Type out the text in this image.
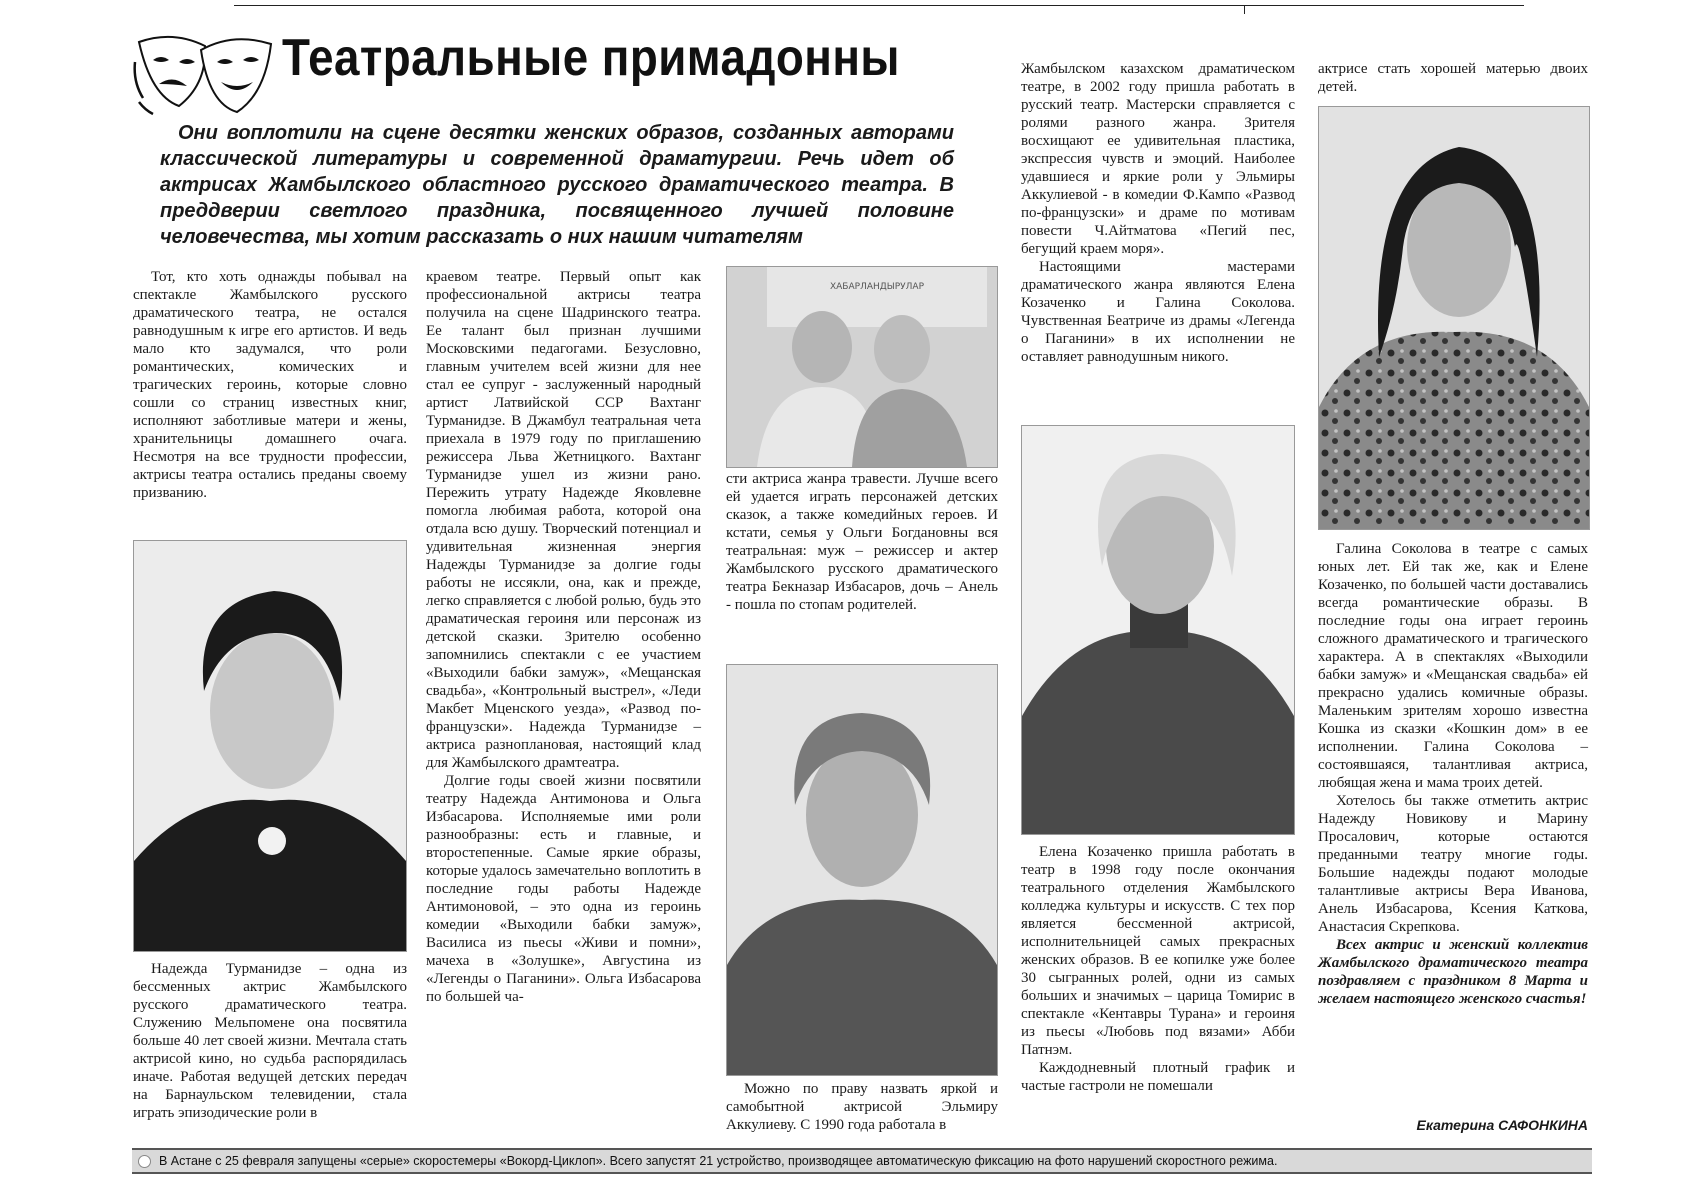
Театральные примадонны

Они воплотили на сцене десятки женских образов, созданных авторами классической литературы и современной драматургии. Речь идет об актрисах Жамбылского областного русского драматического театра. В преддверии светлого праздника, посвященного лучшей половине человечества, мы хотим рассказать о них нашим читателям

Тот, кто хоть однажды побывал на спектакле Жамбылского русского драматического театра, не остался равнодушным к игре его артистов. И ведь мало кто задумался, что роли романтических, комических и трагических героинь, которые словно сошли со страниц известных книг, исполняют заботливые матери и жены, хранительницы домашнего очага. Несмотря на все трудности профессии, актрисы театра остались преданы своему призванию.

Надежда Турманидзе – одна из бессменных актрис Жамбылского русского драматического театра. Служению Мельпомене она посвятила больше 40 лет своей жизни. Мечтала стать актрисой кино, но судьба распорядилась иначе. Работая ведущей детских передач на Барнаульском телевидении, стала играть эпизодические роли в

краевом театре. Первый опыт как профессиональной актрисы театра получила на сцене Шадринского театра. Ее талант был признан лучшими Московскими педагогами. Безусловно, главным учителем всей жизни для нее стал ее супруг - заслуженный народный артист Латвийской ССР Вахтанг Турманидзе. В Джамбул театральная чета приехала в 1979 году по приглашению режиссера Льва Жетницкого. Вахтанг Турманидзе ушел из жизни рано. Пережить утрату Надежде Яковлевне помогла любимая работа, которой она отдала всю душу. Творческий потенциал и удивительная жизненная энергия Надежды Турманидзе за долгие годы работы не иссякли, она, как и прежде, легко справляется с любой ролью, будь это драматическая героиня или персонаж из детской сказки. Зрителю особенно запомнились спектакли с ее участием «Выходили бабки замуж», «Мещанская свадьба», «Контрольный выстрел», «Леди Макбет Мценского уезда», «Развод по-французски». Надежда Турманидзе – актриса разноплановая, настоящий клад для Жамбылского драмтеатра.

Долгие годы своей жизни посвятили театру Надежда Антимонова и Ольга Избасарова. Исполняемые ими роли разнообразны: есть и главные, и второстепенные. Самые яркие образы, которые удалось замечательно воплотить в последние годы работы Надежде Антимоновой, – это одна из героинь комедии «Выходили бабки замуж», Василиса из пьесы «Живи и помни», мачеха в «Золушке», Августина из «Легенды о Паганини». Ольга Избасарова по большей ча-

ХАБАРЛАНДЫРУЛАР

сти актриса жанра травести. Лучше всего ей удается играть персонажей детских сказок, а также комедийных героев. И кстати, семья у Ольги Богдановны вся театральная: муж – режиссер и актер Жамбылского русского драматического театра Бекназар Избасаров, дочь – Анель - пошла по стопам родителей.

Можно по праву назвать яркой и самобытной актрисой Эльмиру Аккулиеву. С 1990 года работала в

Жамбылском казахском драматическом театре, в 2002 году пришла работать в русский театр. Мастерски справляется с ролями разного жанра. Зрителя восхищают ее удивительная пластика, экспрессия чувств и эмоций. Наиболее удавшиеся и яркие роли у Эльмиры Аккулиевой - в комедии Ф.Кампо «Развод по-французски» и драме по мотивам повести Ч.Айтматова «Пегий пес, бегущий краем моря».

Настоящими мастерами драматического жанра являются Елена Козаченко и Галина Соколова. Чувственная Беатриче из драмы «Легенда о Паганини» в их исполнении не оставляет равнодушным никого.

Елена Козаченко пришла работать в театр в 1998 году после окончания театрального отделения Жамбылского колледжа культуры и искусств. С тех пор является бессменной актрисой, исполнительницей самых прекрасных женских образов. В ее копилке уже более 30 сыгранных ролей, одни из самых больших и значимых – царица Томирис в спектакле «Кентавры Турана» и героиня из пьесы «Любовь под вязами» Абби Патнэм.

Каждодневный плотный график и частые гастроли не помешали

актрисе стать хорошей матерью двоих детей.

Галина Соколова в театре с самых юных лет. Ей так же, как и Елене Козаченко, по большей части доставались всегда романтические образы. В последние годы она играет героинь сложного драматического и трагического характера. А в спектаклях «Выходили бабки замуж» и «Мещанская свадьба» ей прекрасно удались комичные образы. Маленьким зрителям хорошо известна Кошка из сказки «Кошкин дом» в ее исполнении. Галина Соколова – состоявшаяся, талантливая актриса, любящая жена и мама троих детей.

Хотелось бы также отметить актрис Надежду Новикову и Марину Просалович, которые остаются преданными театру многие годы. Большие надежды подают молодые талантливые актрисы Вера Иванова, Анель Избасарова, Ксения Каткова, Анастасия Скрепкова.

Всех актрис и женский коллектив Жамбылского драматического театра поздравляем с праздником 8 Марта и желаем настоящего женского счастья!

Екатерина САФОНКИНА
В Астане с 25 февраля запущены «серые» скоростемеры «Вокорд-Циклоп». Всего запустят 21 устройство, производящее автоматическую фиксацию на фото нарушений скоростного режима.
